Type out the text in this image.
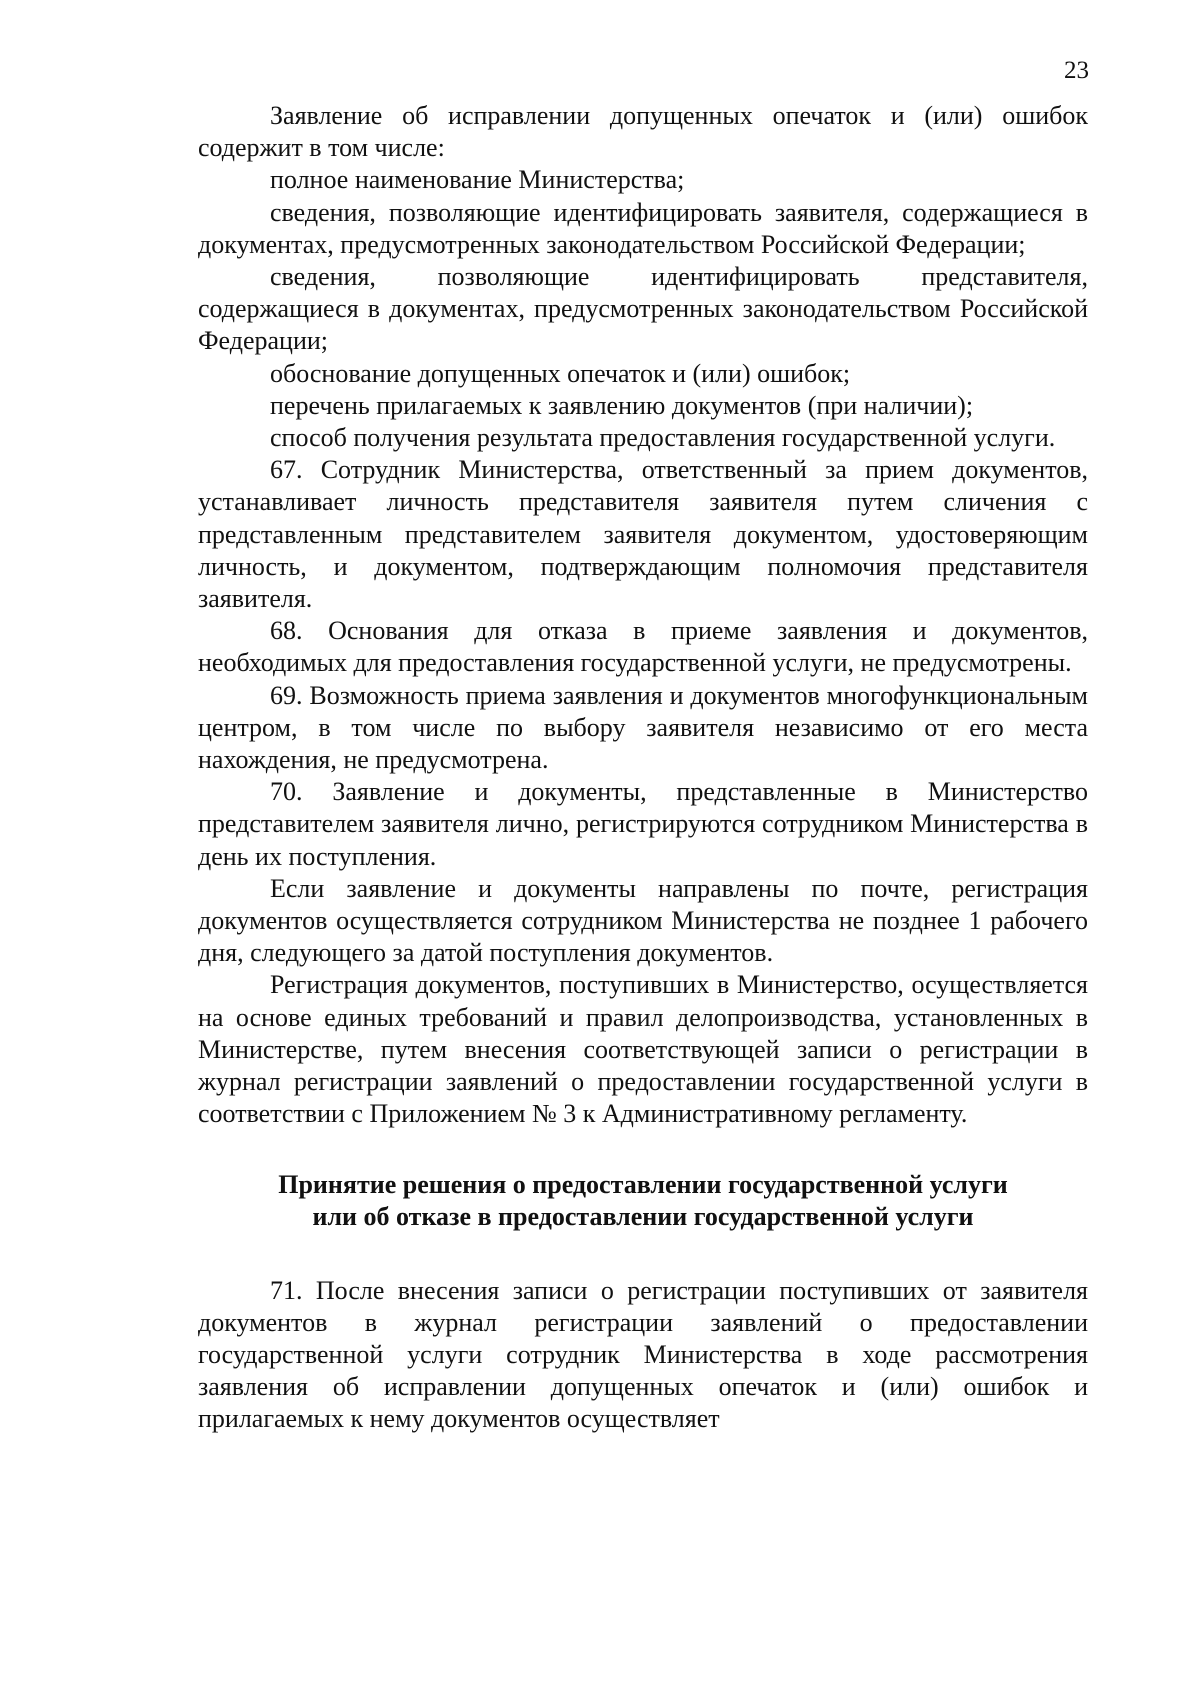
23

Заявление об исправлении допущенных опечаток и (или) ошибок содержит в том числе:

полное наименование Министерства;

сведения, позволяющие идентифицировать заявителя, содержащиеся в документах, предусмотренных законодательством Российской Федерации;

сведения, позволяющие идентифицировать представителя, содержащиеся в документах, предусмотренных законодательством Российской Федерации;

обоснование допущенных опечаток и (или) ошибок;

перечень прилагаемых к заявлению документов (при наличии);

способ получения результата предоставления государственной услуги.

67. Сотрудник Министерства, ответственный за прием документов, устанавливает личность представителя заявителя путем сличения с представленным представителем заявителя документом, удостоверяющим личность, и документом, подтверждающим полномочия представителя заявителя.

68. Основания для отказа в приеме заявления и документов, необходимых для предоставления государственной услуги, не предусмотрены.

69. Возможность приема заявления и документов многофункциональным центром, в том числе по выбору заявителя независимо от его места нахождения, не предусмотрена.

70. Заявление и документы, представленные в Министерство представителем заявителя лично, регистрируются сотрудником Министерства в день их поступления.

Если заявление и документы направлены по почте, регистрация документов осуществляется сотрудником Министерства не позднее 1 рабочего дня, следующего за датой поступления документов.

Регистрация документов, поступивших в Министерство, осуществляется на основе единых требований и правил делопроизводства, установленных в Министерстве, путем внесения соответствующей записи о регистрации в журнал регистрации заявлений о предоставлении государственной услуги в соответствии с Приложением № 3 к Административному регламенту.

Принятие решения о предоставлении государственной услуги
или об отказе в предоставлении государственной услуги

71. После внесения записи о регистрации поступивших от заявителя документов в журнал регистрации заявлений о предоставлении государственной услуги сотрудник Министерства в ходе рассмотрения заявления об исправлении допущенных опечаток и (или) ошибок и прилагаемых к нему документов осуществляет
